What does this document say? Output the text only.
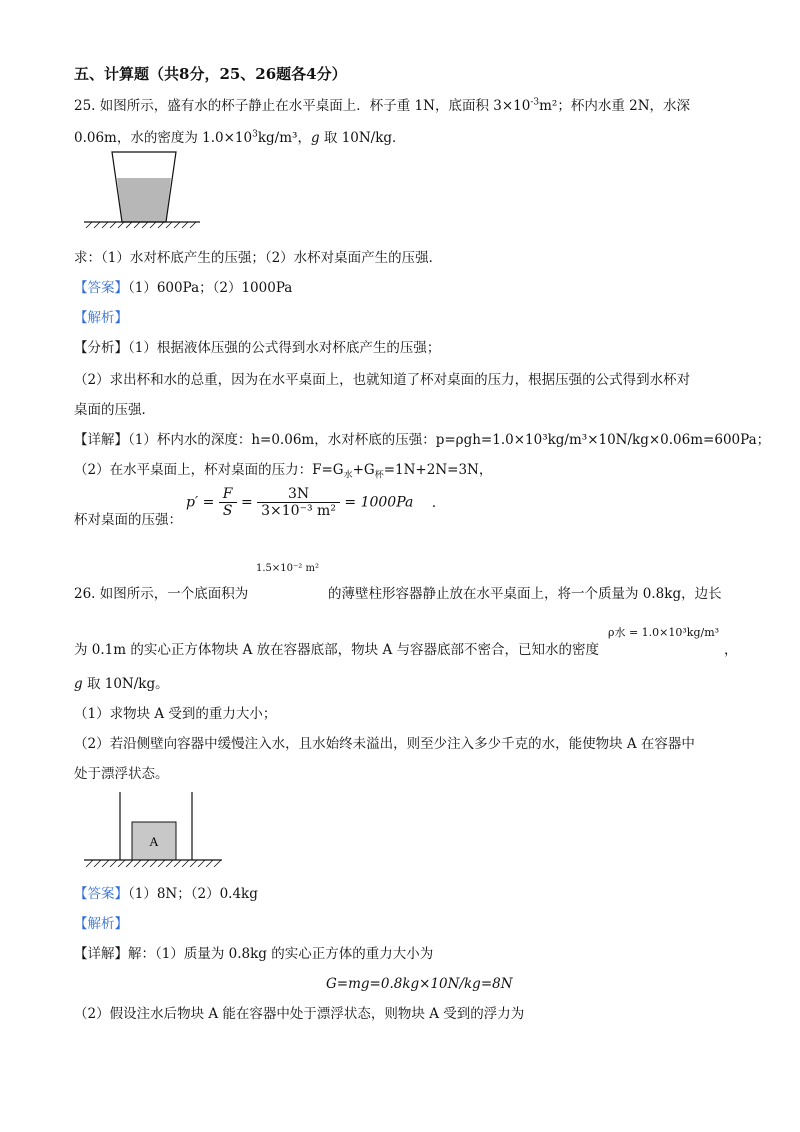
五、计算题（共8分，25、26题各4分）
25. 如图所示，盛有水的杯子静止在水平桌面上．杯子重 1N，底面积 $3\times 10^{-3}m^2$；杯内水重 2N，水深
0.06m，水的密度为 $1.0\times 10^3kg/m^3$，g 取 10N/kg．
求：（1）水对杯底产生的压强；（2）水杯对桌面产生的压强．
【答案】（1）600Pa；（2）1000Pa
【解析】
【分析】（1）根据液体压强的公式得到水对杯底产生的压强；
（2）求出杯和水的总重，因为在水平桌面上，也就知道了杯对桌面的压力，根据压强的公式得到水杯对
桌面的压强．
【详解】（1）杯内水的深度：h=0.06m，水对杯底的压强：p=ρgh=1.0×10³kg/m³×10N/kg×0.06m=600Pa；
（2）在水平桌面上，杯对桌面的压力：$F=G_水+G_杯=1N+2N=3N$，
杯对桌面的压强：
$p' = \frac{F}{S} = \frac{3N}{\text{3×10⁻³ m²}} = 1000Pa$ .
26. 如图所示，一个底面积为
1.5×10⁻² m²
的薄壁柱形容器静止放在水平桌面上，将一个质量为 0.8kg，边长
为 0.1m 的实心正方体物块 A 放在容器底部，物块 A 与容器底部不密合，已知水的密度
ρ水 = 1.0×10³kg/m³
，
g 取 10N/kg。
（1）求物块 A 受到的重力大小；
（2）若沿侧壁向容器中缓慢注入水，且水始终未溢出，则至少注入多少千克的水，能使物块 A 在容器中
处于漂浮状态。
A
【答案】（1）8N；（2）0.4kg
【解析】
【详解】解：（1）质量为 0.8kg 的实心正方体的重力大小为
G=mg=0.8kg×10N/kg=8N
（2）假设注水后物块 A 能在容器中处于漂浮状态，则物块 A 受到的浮力为
